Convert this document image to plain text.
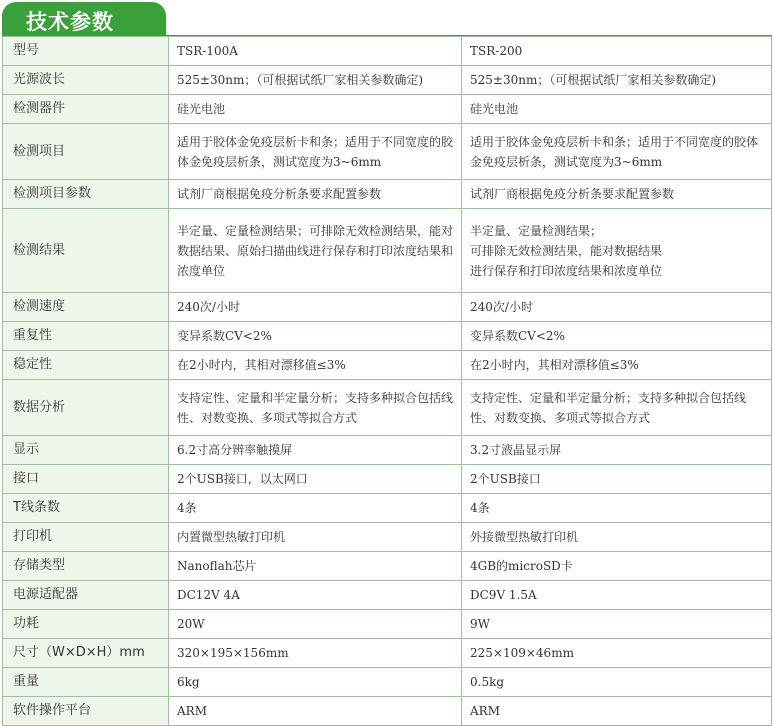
技术参数
型号	TSR-100A	TSR-200
光源波长	525±30nm；（可根据试纸厂家相关参数确定)	525±30nm；（可根据试纸厂家相关参数确定)
检测器件	硅光电池	硅光电池
检测项目	适用于胶体金免疫层析卡和条；适用于不同宽度的胶体金免疫层析条，测试宽度为3~6mm	适用于胶体金免疫层析卡和条；适用于不同宽度的胶体金免疫层析条，测试宽度为3~6mm
检测项目参数	试剂厂商根据免疫分析条要求配置参数	试剂厂商根据免疫分析条要求配置参数
检测结果	半定量、定量检测结果；可排除无效检测结果，能对数据结果、原始扫描曲线进行保存和打印浓度结果和浓度单位	半定量、定量检测结果；
可排除无效检测结果，能对数据结果
进行保存和打印浓度结果和浓度单位
检测速度	240次/小时	240次/小时
重复性	变异系数CV<2%	变异系数CV<2%
稳定性	在2小时内，其相对漂移值≤3%	在2小时内，其相对漂移值≤3%
数据分析	支持定性、定量和半定量分析；支持多种拟合包括线性、对数变换、多项式等拟合方式	支持定性、定量和半定量分析；支持多种拟合包括线性、对数变换、多项式等拟合方式
显示	6.2寸高分辨率触摸屏	3.2寸液晶显示屏
接口	2个USB接口，以太网口	2个USB接口
T线条数	4条	4条
打印机	内置微型热敏打印机	外接微型热敏打印机
存储类型	Nanoflah芯片	4GB的microSD卡
电源适配器	DC12V 4A	DC9V 1.5A
功耗	20W	9W
尺寸（W×D×H）mm	320×195×156mm	225×109×46mm
重量	6kg	0.5kg
软件操作平台	ARM	ARM
